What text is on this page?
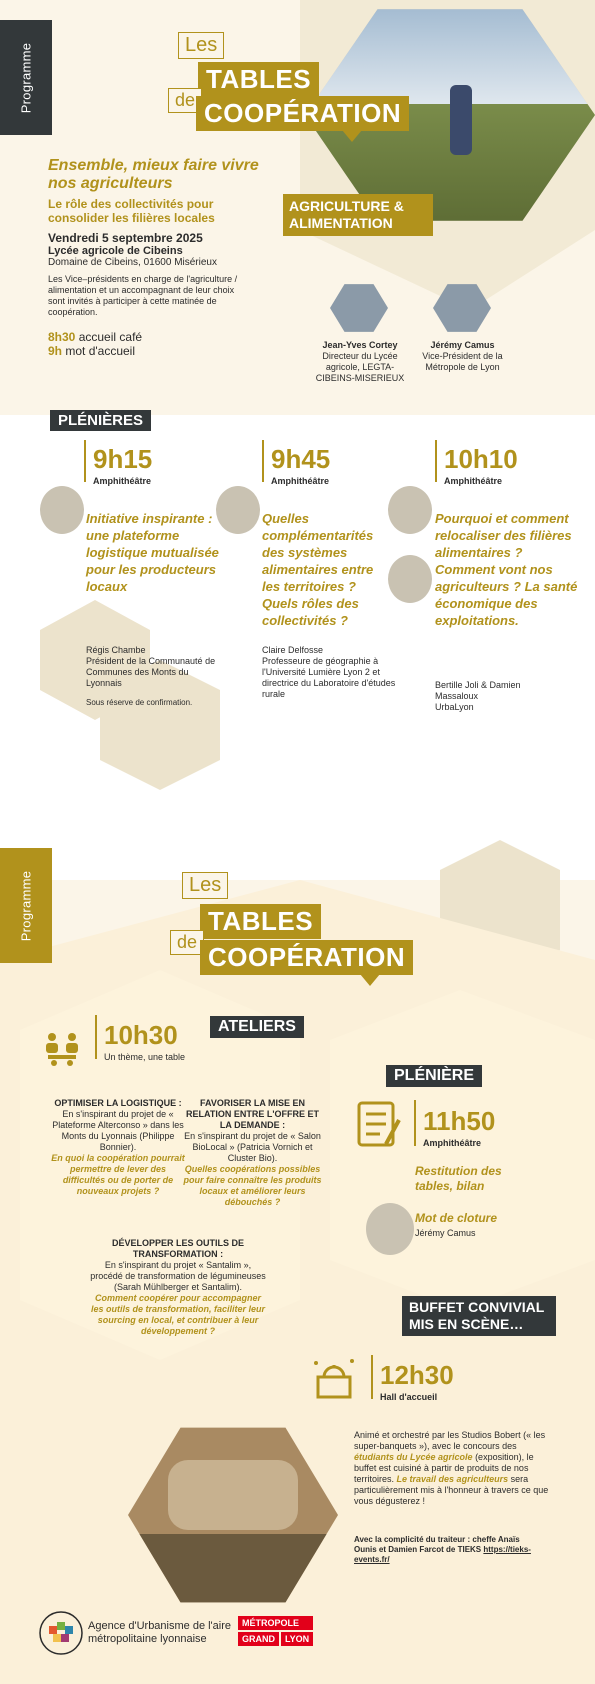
Programme	Les
TABLES
de COOPÉRATION
AGRICULTURE &
ALIMENTATION
Ensemble, mieux faire vivre nos agriculteurs
Le rôle des collectivités pour consolider les filières locales
Vendredi 5 septembre 2025
Lycée agricole de Cibeins
Domaine de Cibeins, 01600 Misérieux
Les Vice–présidents en charge de l'agriculture / alimentation et un accompagnant de leur choix sont invités à participer à cette matinée de coopération.
8h30 accueil café
9h mot d'accueil	Jean-Yves Cortey
Directeur du Lycée agricole, LEGTA-CIBEINS-MISERIEUX
Jérémy Camus
Vice-Président de la Métropole de Lyon
PLÉNIÈRES
9h15
Amphithéâtre
Initiative inspirante : une plateforme logistique mutualisée pour les producteurs locaux
Régis Chambe
Président de la Communauté de Communes des Monts du Lyonnais
Sous réserve de confirmation.
9h45
Amphithéâtre
Quelles complémentarités des systèmes alimentaires entre les territoires ? Quels rôles des collectivités ?
Claire Delfosse
Professeure de géographie à l'Université Lumière Lyon 2 et directrice du Laboratoire d'études rurale
10h10
Amphithéâtre
Pourquoi et comment relocaliser des filières alimentaires ? Comment vont nos agriculteurs ? La santé économique des exploitations.
Bertille Joli & Damien Massaloux
UrbaLyon
Programme	Les
TABLES
de COOPÉRATION
10h30
Un thème, une table
ATELIERS
OPTIMISER LA LOGISTIQUE :
En s'inspirant du projet de « Plateforme Alterconso » dans les Monts du Lyonnais (Philippe Bonnier).
En quoi la coopération pourrait permettre de lever des difficultés ou de porter de nouveaux projets ?
FAVORISER LA MISE EN RELATION ENTRE L'OFFRE ET LA DEMANDE :
En s'inspirant du projet de « Salon BioLocal » (Patricia Vornich et Cluster Bio).
Quelles coopérations possibles pour faire connaître les produits locaux et améliorer leurs débouchés ?
DÉVELOPPER LES OUTILS DE TRANSFORMATION :
En s'inspirant du projet « Santalim », procédé de transformation de légumineuses (Sarah Mühlberger et Santalim).
Comment coopérer pour accompagner les outils de transformation, faciliter leur sourcing en local, et contribuer à leur développement ?
PLÉNIÈRE
11h50
Amphithéâtre
Restitution des tables, bilan
Mot de cloture
Jérémy Camus
BUFFET CONVIVIAL MIS EN SCÈNE…
12h30
Hall d'accueil
Animé et orchestré par les Studios Bobert (« les super-banquets »), avec le concours des étudiants du Lycée agricole (exposition), le buffet est cuisiné à partir de produits de nos territoires. Le travail des agriculteurs sera particulièrement mis à l'honneur à travers ce que vous dégusterez !
Avec la complicité du traiteur : cheffe Anaïs Ounis et Damien Farcot de TIEKS https://tieks-events.fr/
Agence d'Urbanisme de l'aire
métropolitaine lyonnaise
MÉTROPOLE
GRAND	LYON
